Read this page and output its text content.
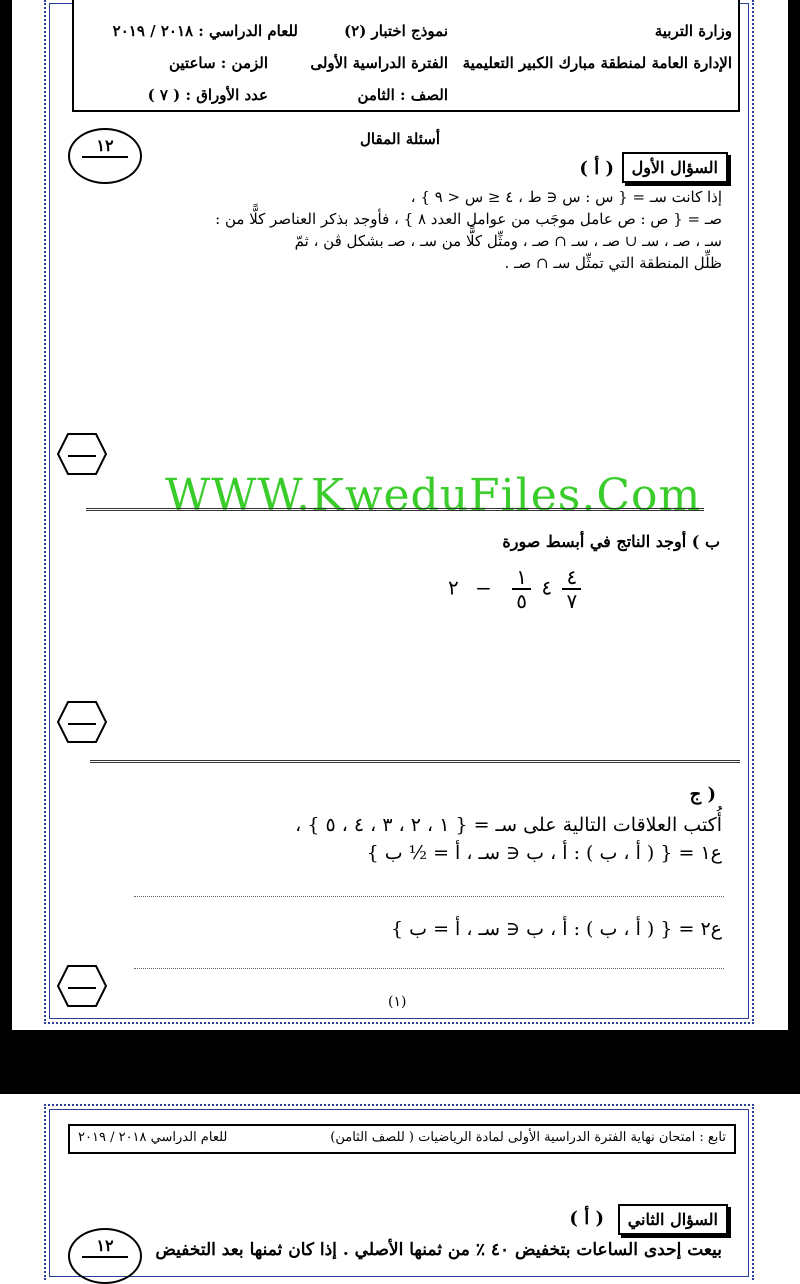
وزارة التربية
نموذج اختبار (٢)
للعام الدراسي : ٢٠١٨ / ٢٠١٩
الإدارة العامة لمنطقة مبارك الكبير التعليمية
الفترة الدراسية الأولى
الزمن : ساعتين
الصف : الثامن
عدد الأوراق : ( ٧ )
أسئلة المقال
١٢
السؤال الأول
( أ )
إذا كانت سـ = { س : س ∈ ط ، ٤ ≤ س < ٩ } ،
صـ = { ص : ص عامل موجَب من عوامل العدد ٨ } ، فأوجد بذكر العناصر كلًّا من :
سـ ، صـ ، سـ ∪ صـ ، سـ ∩ صـ ، ومثِّل كلًّا من سـ ، صـ بشكل ڤن ، ثمّ
ظلِّل المنطقة التي تمثِّل سـ ∩ صـ .
WWW.KweduFiles.Com
ب ) أوجد الناتج في أبسط صورة
٤
$\frac{١}{٥}$
− ٢	$\frac{٤}{٧}$
ج )
أُكتب العلاقات التالية على سـ = { ١ ، ٢ ، ٣ ، ٤ ، ٥ } ،
ع١ = { ( أ ، ب ) : أ ، ب ∈ سـ ، أ = ½ ب }
ع٢ = { ( أ ، ب ) : أ ، ب ∈ سـ ، أ = ب }
(١)
تابع : امتحان نهاية الفترة الدراسية الأولى لمادة الرياضيات ( للصف الثامن)
للعام الدراسي ٢٠١٨ / ٢٠١٩
السؤال الثاني
( أ )
١٢	بيعت إحدى الساعات بتخفيض ٤٠ ٪ من ثمنها الأصلي . إذا كان ثمنها بعد التخفيض
